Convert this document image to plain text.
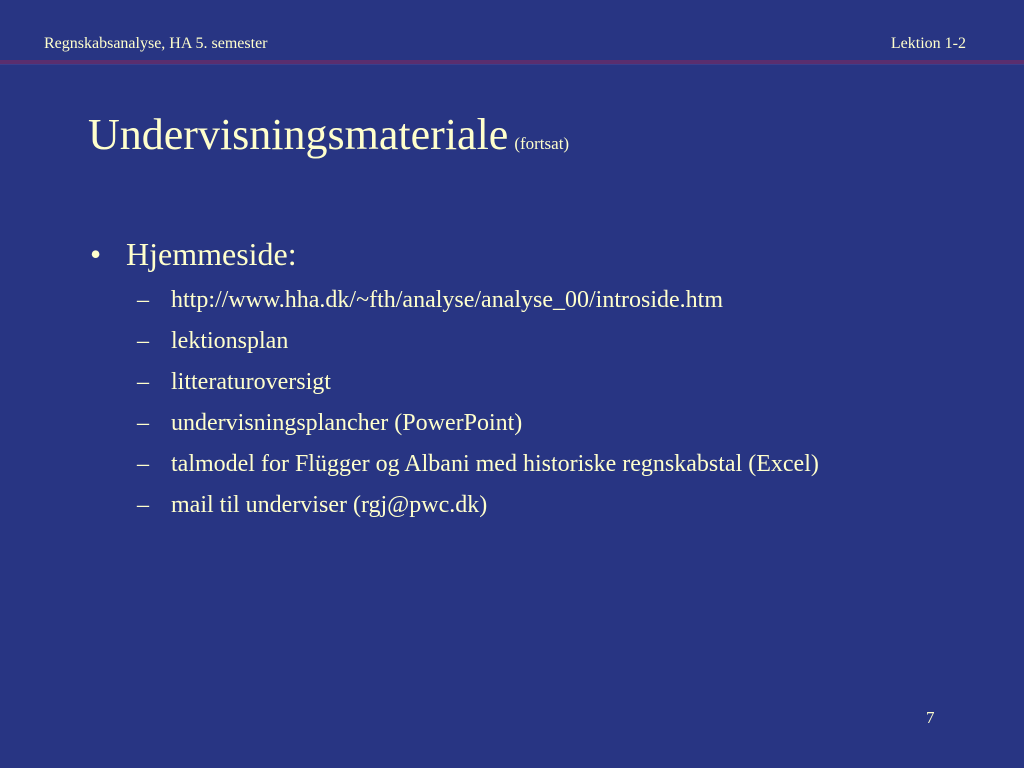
Regnskabsanalyse, HA 5. semester	Lektion 1-2
Undervisningsmateriale (fortsat)
• Hjemmeside:
– http://www.hha.dk/~fth/analyse/analyse_00/introside.htm
– lektionsplan
– litteraturoversigt
– undervisningsplancher (PowerPoint)
– talmodel for Flügger og Albani med historiske regnskabstal (Excel)
– mail til underviser (rgj@pwc.dk)
7
